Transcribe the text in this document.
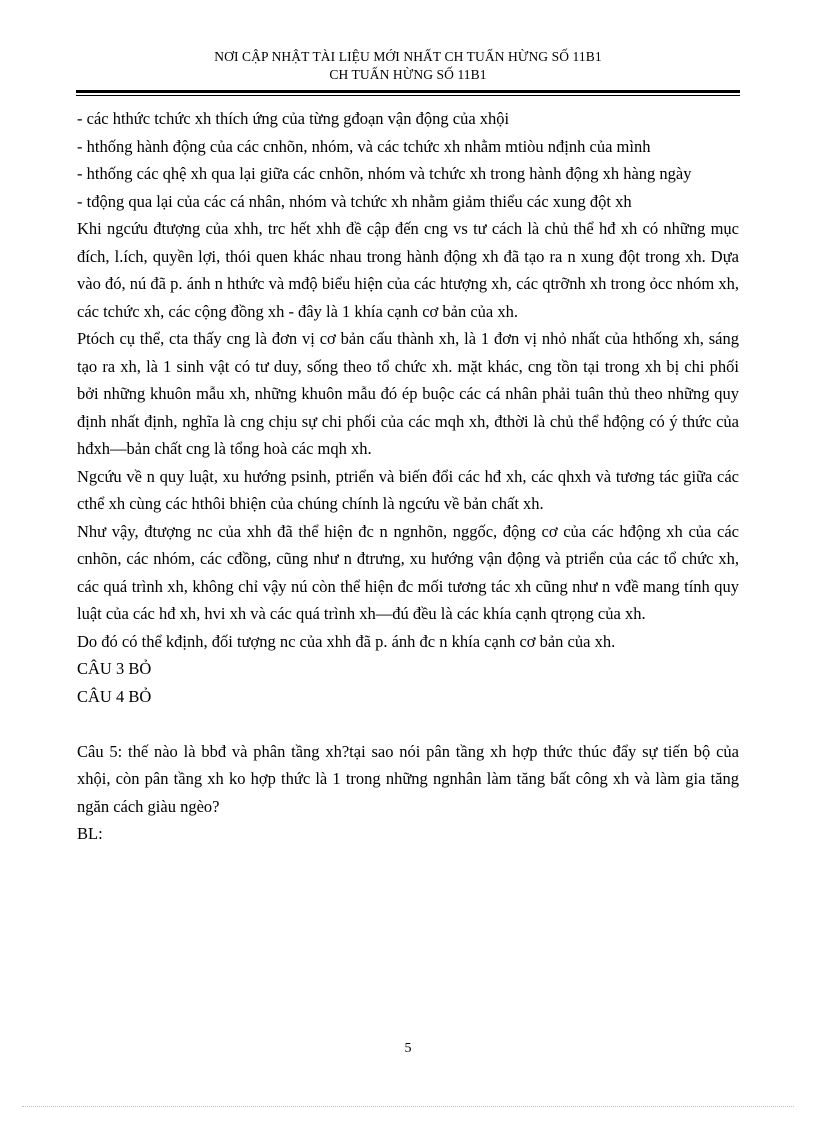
NƠI CẬP NHẬT TÀI LIỆU MỚI NHẤT CH TUẤN HỪNG SỐ 11B1
CH TUẤN HỪNG SỐ 11B1

- các hthức tchức xh thích ứng của từng gđoạn vận động của xhội

- hthống hành động của các cnhõn, nhóm, và các tchức xh nhằm mtiòu nđịnh của mình

- hthống các qhệ xh qua lại giữa các cnhõn, nhóm và tchức xh trong hành động xh hàng ngày

- tđộng qua lại của các cá nhân, nhóm và tchức xh nhằm giảm thiểu các xung đột xh

Khi ngcứu đtượng của xhh, trc hết xhh đề cập đến cng vs tư cách là chủ thể hđ xh có những mục đích, l.ích, quyền lợi, thói quen khác nhau trong hành động xh đã tạo ra n xung đột trong xh. Dựa vào đó, nú đã p. ánh n hthức và mđộ biểu hiện của các htượng xh, các qtrỡnh xh trong ỏcc nhóm xh, các tchức xh, các cộng đồng xh - đây là 1 khía cạnh cơ bản của xh.

Ptóch cụ thể, cta thấy cng là đơn vị cơ bản cấu thành xh, là 1 đơn vị nhỏ nhất của hthống xh, sáng tạo ra xh, là 1 sinh vật có tư duy, sống theo tổ chức xh. mặt khác, cng tồn tại trong xh bị chi phối bởi những khuôn mẫu xh, những khuôn mẫu đó ép buộc các cá nhân phải tuân thủ theo những quy định nhất định, nghĩa là cng chịu sự chi phối của các mqh xh, đthời là chủ thể hđộng có ý thức của hđxh—bản chất cng là tổng hoà các mqh xh.

Ngcứu về n quy luật, xu hướng psinh, ptriển và biến đổi các hđ xh, các qhxh và tương tác giữa các cthể xh cùng các hthôi bhiện của chúng chính là ngcứu về bản chất xh.

Như vậy, đtượng nc của xhh đã thể hiện đc n ngnhõn, nggốc, động cơ của các hđộng xh của các cnhõn, các nhóm, các cđồng, cũng như n đtrưng, xu hướng vận động và ptriển của các tổ chức xh, các quá trình xh, không chỉ vậy nú còn thể hiện đc mối tương tác xh cũng như n vđề mang tính quy luật của các hđ xh, hvi xh và các quá trình xh—đú đều là các khía cạnh qtrọng của xh.

Do đó có thể kđịnh, đối tượng nc của xhh đã p. ánh đc n khía cạnh cơ bản của xh.

CÂU 3 BỎ

CÂU 4 BỎ

Câu 5: thế nào là bbđ và phân tầng xh?tại sao nói pân tầng xh hợp thức thúc đẩy sự tiến bộ của xhội, còn pân tầng xh ko hợp thức là 1 trong những ngnhân làm tăng bất công xh và làm gia tăng ngăn cách giàu ngèo?

BL:

5
